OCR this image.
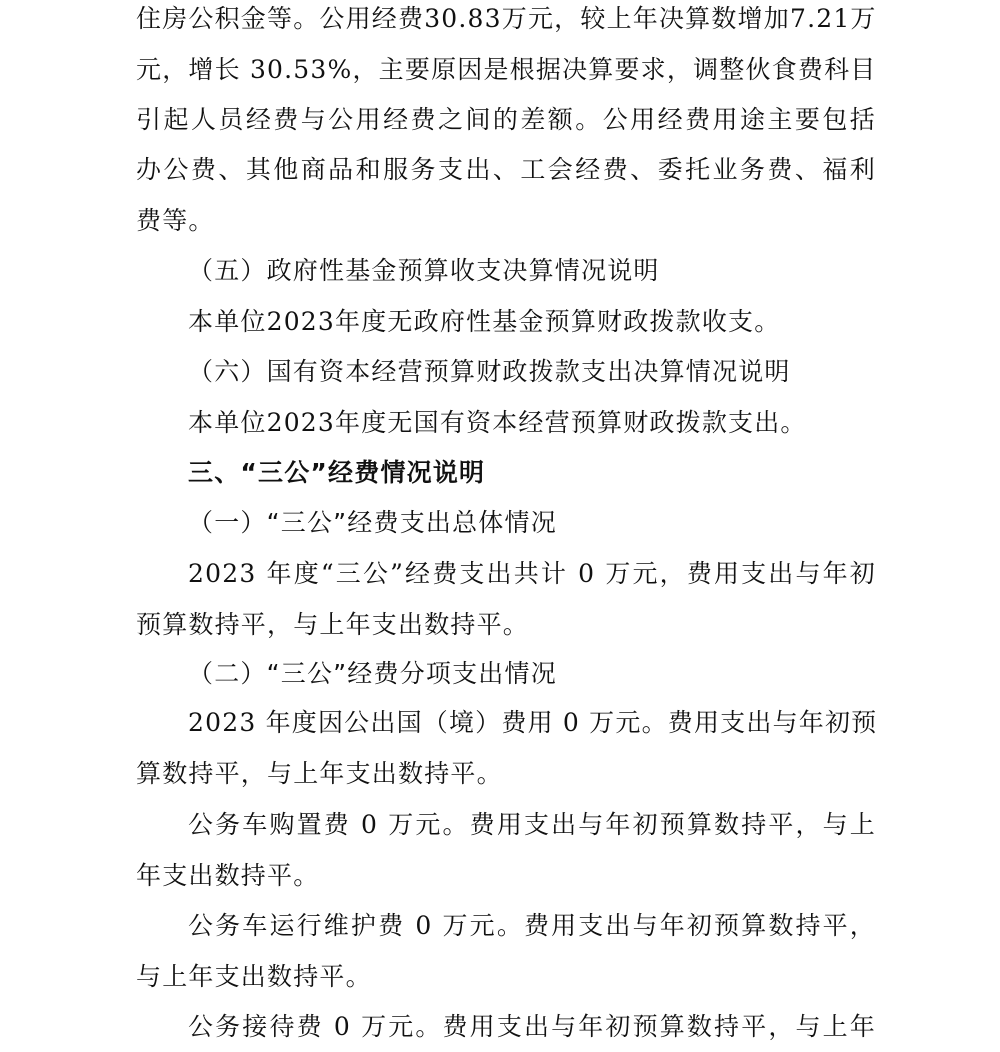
住房公积金等。公用经费30.83万元，较上年决算数增加7.21万
元，增长 30.53%，主要原因是根据决算要求，调整伙食费科目
引起人员经费与公用经费之间的差额。公用经费用途主要包括
办公费、其他商品和服务支出、工会经费、委托业务费、福利
费等。
（五）政府性基金预算收支决算情况说明
本单位2023年度无政府性基金预算财政拨款收支。
（六）国有资本经营预算财政拨款支出决算情况说明
本单位2023年度无国有资本经营预算财政拨款支出。
三、“三公”经费情况说明
（一）“三公”经费支出总体情况
2023 年度“三公”经费支出共计 0 万元，费用支出与年初
预算数持平，与上年支出数持平。
（二）“三公”经费分项支出情况
2023 年度因公出国（境）费用 0 万元。费用支出与年初预
算数持平，与上年支出数持平。
公务车购置费 0 万元。费用支出与年初预算数持平，与上
年支出数持平。
公务车运行维护费 0 万元。费用支出与年初预算数持平，
与上年支出数持平。
公务接待费 0 万元。费用支出与年初预算数持平，与上年
